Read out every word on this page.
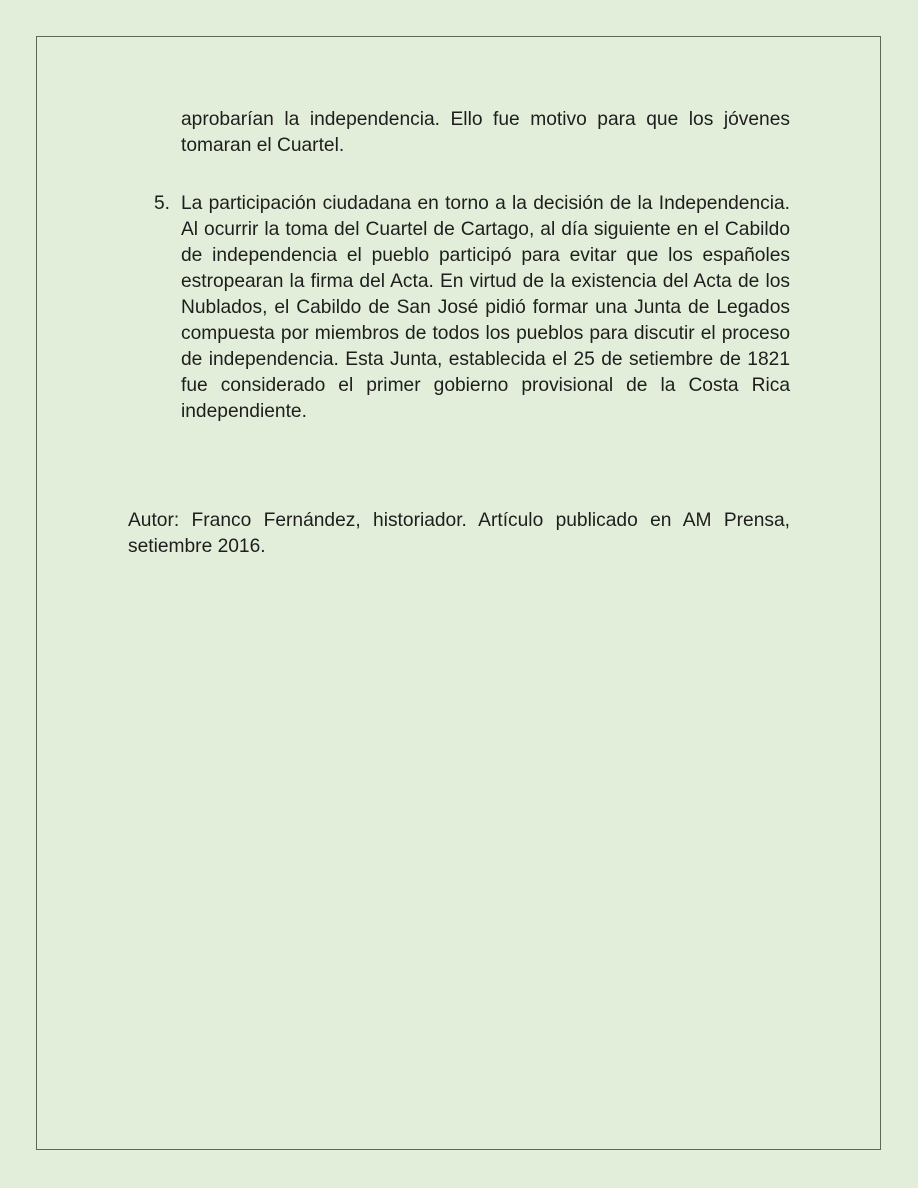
aprobarían la independencia. Ello fue motivo para que los jóvenes tomaran el Cuartel.

5. La participación ciudadana en torno a la decisión de la Independencia. Al ocurrir la toma del Cuartel de Cartago, al día siguiente en el Cabildo de independencia el pueblo participó para evitar que los españoles estropearan la firma del Acta. En virtud de la existencia del Acta de los Nublados, el Cabildo de San José pidió formar una Junta de Legados compuesta por miembros de todos los pueblos para discutir el proceso de independencia. Esta Junta, establecida el 25 de setiembre de 1821 fue considerado el primer gobierno provisional de la Costa Rica independiente.

Autor: Franco Fernández, historiador. Artículo publicado en AM Prensa, setiembre 2016.
